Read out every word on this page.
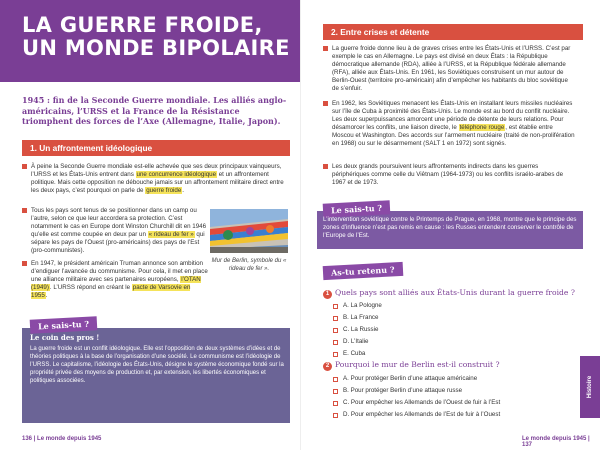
LA GUERRE FROIDE,
UN MONDE BIPOLAIRE
1945 : fin de la Seconde Guerre mondiale. Les alliés anglo-américains, l’URSS et la France de la Résistance triomphent des forces de l’Axe (Allemagne, Italie, Japon).
1. Un affrontement idéologique
À peine la Seconde Guerre mondiale est-elle achevée que ses deux principaux vainqueurs, l’URSS et les États-Unis entrent dans une concurrence idéologique et un affrontement politique. Mais cette opposition ne débouche jamais sur un affrontement militaire direct entre les deux pays, c’est pourquoi on parle de guerre froide.
Tous les pays sont tenus de se positionner dans un camp ou l’autre, selon ce que leur accordera sa protection. C’est notamment le cas en Europe dont Winston Churchill dit en 1946 qu’elle est comme coupée en deux par un « rideau de fer » qui sépare les pays de l’Ouest (pro-américains) des pays de l’Est (pro-communistes).
Mur de Berlin, symbole du « rideau de fer ».
En 1947, le président américain Truman annonce son ambition d’endiguer l’avancée du communisme. Pour cela, il met en place une alliance militaire avec ses partenaires européens, l’OTAN (1949). L’URSS répond en créant le pacte de Varsovie en 1955.
Le sais-tu ?
Le coin des pros !
La guerre froide est un conflit idéologique. Elle est l’opposition de deux systèmes d’idées et de théories politiques à la base de l’organisation d’une société. Le communisme est l’idéologie de l’URSS. Le capitalisme, l’idéologie des États-Unis, désigne le système économique fondé sur la propriété privée des moyens de production et, par extension, les libertés économiques et politiques associées.
136 | Le monde depuis 1945
2. Entre crises et détente
La guerre froide donne lieu à de graves crises entre les États-Unis et l’URSS. C’est par exemple le cas en Allemagne. Le pays est divisé en deux États : la République démocratique allemande (RDA), alliée à l’URSS, et la République fédérale allemande (RFA), alliée aux États-Unis. En 1961, les Soviétiques construisent un mur autour de Berlin-Ouest (territoire pro-américain) afin d’empêcher les habitants du bloc soviétique de s’enfuir.
En 1962, les Soviétiques menacent les États-Unis en installant leurs missiles nucléaires sur l’île de Cuba à proximité des États-Unis. Le monde est au bord du conflit nucléaire. Les deux superpuissances amorcent une période de détente de leurs relations. Pour désamorcer les conflits, une liaison directe, le téléphone rouge, est établie entre Moscou et Washington. Des accords sur l’armement nucléaire (traité de non-prolifération en 1968) ou sur le désarmement (SALT 1 en 1972) sont signés.
Les deux grands poursuivent leurs affrontements indirects dans les guerres périphériques comme celle du Viêtnam (1964-1973) ou les conflits israélo-arabes de 1967 et de 1973.
Le sais-tu ?
L’intervention soviétique contre le Printemps de Prague, en 1968, montre que le principe des zones d’influence n’est pas remis en cause : les Russes entendent conserver le contrôle de l’Europe de l’Est.
As-tu retenu ?
1 Quels pays sont alliés aux États-Unis durant la guerre froide ?
A. La Pologne
B. La France
C. La Russie
D. L’Italie
E. Cuba
2 Pourquoi le mur de Berlin est-il construit ?
A. Pour protéger Berlin d’une attaque américaine
B. Pour protéger Berlin d’une attaque russe
C. Pour empêcher les Allemands de l’Ouest de fuir à l’Est
D. Pour empêcher les Allemands de l’Est de fuir à l’Ouest
Le monde depuis 1945 | 137
Histoire
